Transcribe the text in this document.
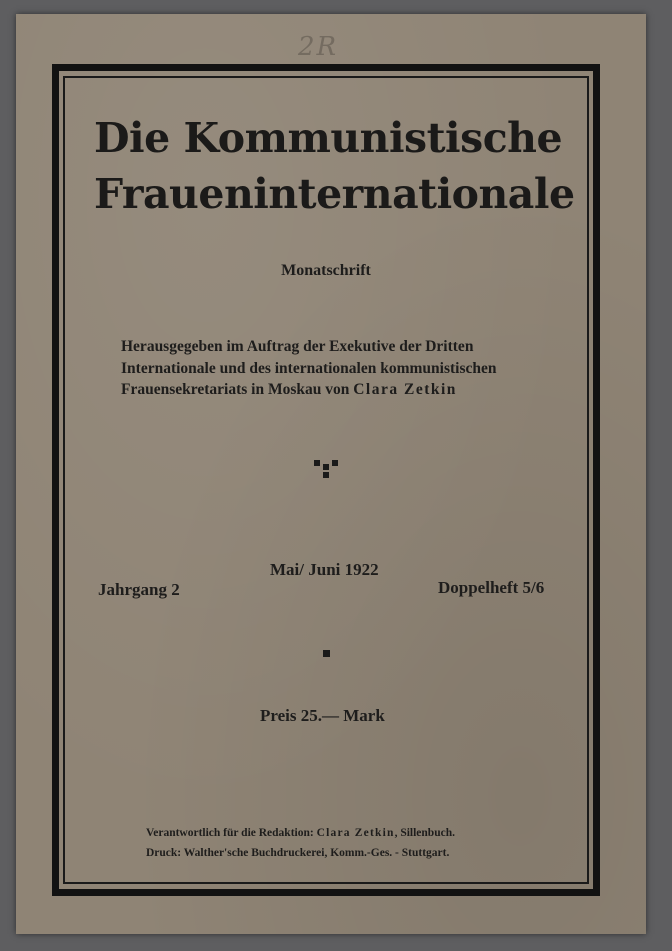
2R
Die Kommunistische
Fraueninternationale
Monatschrift
Herausgegeben im Auftrag der Exekutive der Dritten
Internationale und des internationalen kommunistischen
Frauensekretariats in Moskau von Clara Zetkin
Mai/ Juni 1922
Jahrgang 2	Doppelheft 5/6
Preis 25.— Mark
Verantwortlich für die Redaktion: Clara Zetkin, Sillenbuch.
Druck: Walther'sche Buchdruckerei, Komm.-Ges. - Stuttgart.
